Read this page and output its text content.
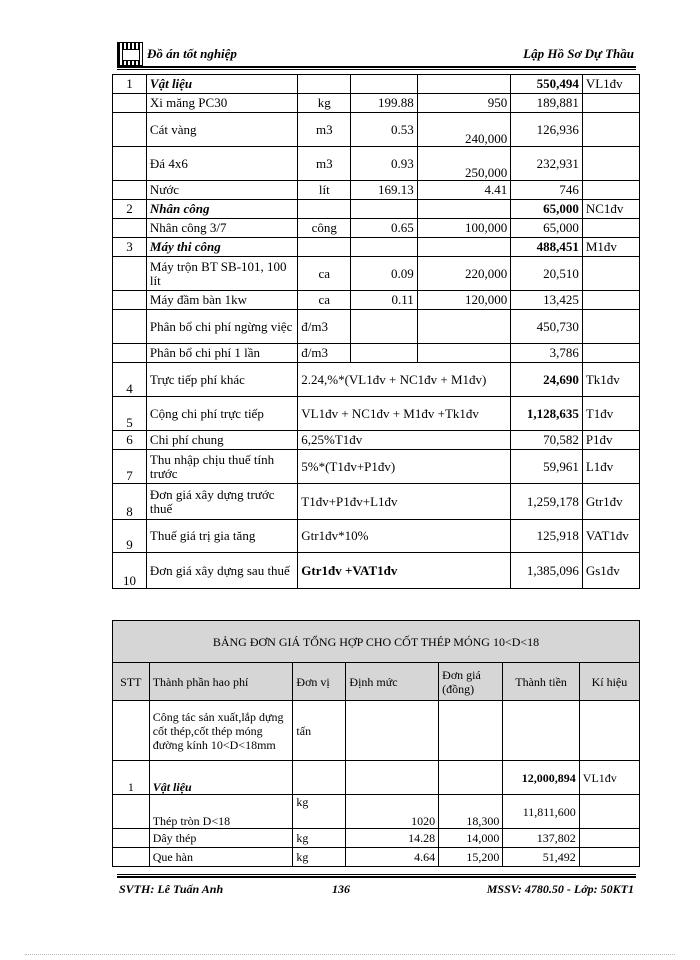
Đồ án tốt nghiệp	Lập Hồ Sơ Dự Thầu
1	Vật liệu				550,494	VL1đv
	Xi măng PC30	kg	199.88	950	189,881	
	Cát vàng	m3	0.53	240,000	126,936	
	Đá 4x6	m3	0.93	250,000	232,931	
	Nước	lít	169.13	4.41	746	
2	Nhân công				65,000	NC1đv
	Nhân công 3/7	công	0.65	100,000	65,000	
3	Máy thi công				488,451	M1đv
	Máy trộn BT SB-101, 100 lít	ca	0.09	220,000	20,510	
	Máy đầm bàn 1kw	ca	0.11	120,000	13,425	
	Phân bổ chi phí ngừng việc	đ/m3			450,730	
	Phân bổ chi phí 1 lần	đ/m3			3,786	
4	Trực tiếp phí khác	2.24,%*(VL1đv + NC1đv + M1đv)			24,690	Tk1đv
5	Cộng chi phí trực tiếp	VL1đv + NC1đv + M1đv +Tk1đv			1,128,635	T1đv
6	Chi phí chung	6,25%T1đv			70,582	P1đv
7	Thu nhập chịu thuế tính trước	5%*(T1đv+P1đv)			59,961	L1đv
8	Đơn giá xây dựng trước thuế	T1đv+P1đv+L1đv			1,259,178	Gtr1đv
9	Thuế giá trị gia tăng	Gtr1đv*10%			125,918	VAT1đv
10	Đơn giá xây dựng sau thuế	Gtr1đv +VAT1đv			1,385,096	Gs1đv
BẢNG ĐƠN GIÁ TỔNG HỢP CHO CỐT THÉP MÓNG 10<D<18						
STT	Thành phần hao phí	Đơn vị	Định mức	Đơn giá (đồng)	Thành tiền	Kí hiệu
	Công tác sản xuất,lắp dựng cốt thép,cốt thép móng đường kính 10<D<18mm	tấn				
1	Vật liệu				12,000,894	VL1đv
	Thép tròn D<18	kg	1020	18,300	11,811,600	
	Dây thép	kg	14.28	14,000	137,802	
	Que hàn	kg	4.64	15,200	51,492	
SVTH: Lê Tuấn Anh	136	MSSV: 4780.50 - Lớp: 50KT1
